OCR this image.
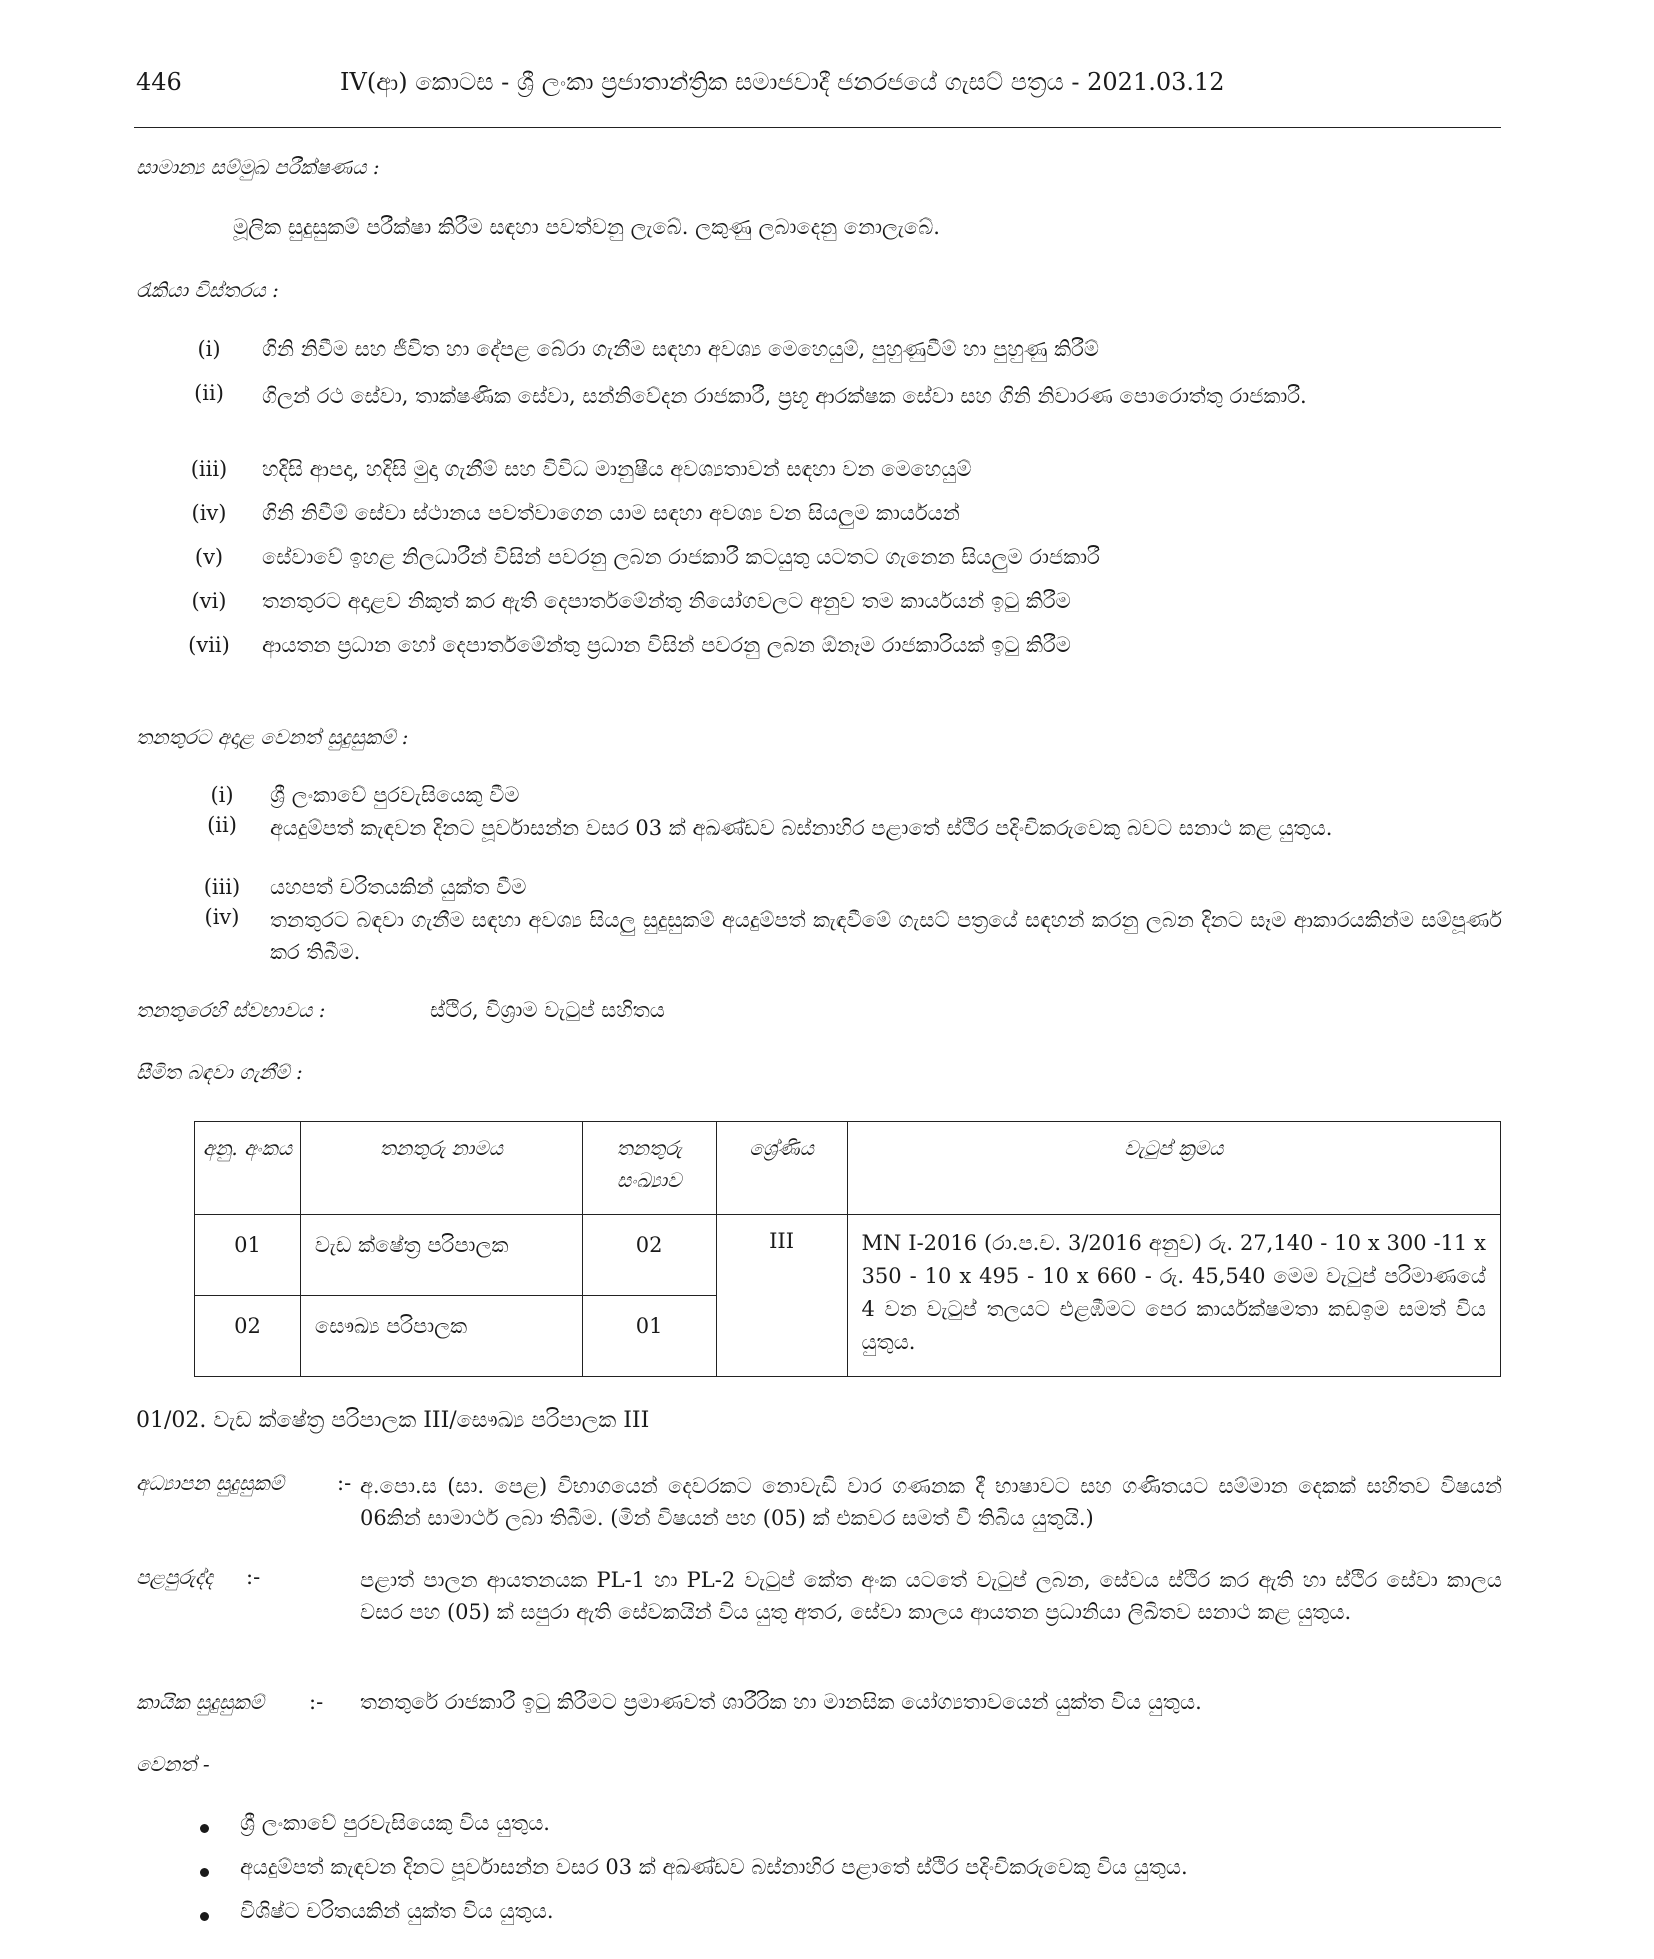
446	IV(ආ) කොටස - ශ්‍රී ලංකා ප්‍රජාතාන්ත්‍රික සමාජවාදී ජනරජයේ ගැසට් පත්‍රය - 2021.03.12
සාමාන්‍ය සම්මුඛ පරීක්ෂණය :
මූලික සුදුසුකම් පරීක්ෂා කිරීම සඳහා පවත්වනු ලැබේ. ලකුණු ලබාදෙනු නොලැබේ.
රැකියා විස්තරය :
(i)	ගිනි නිවීම සහ ජීවිත හා දේපළ බේරා ගැනීම සඳහා අවශ්‍ය මෙහෙයුම්, පුහුණුවීම් හා පුහුණු කිරීම්
(ii)	ගිලන් රථ සේවා, තාක්ෂණික සේවා, සන්නිවේදන රාජකාරී, ප්‍රභූ ආරක්ෂක සේවා සහ ගිනි නිවාරණ පොරොත්තු රාජකාරී.
(iii)	හදිසි ආපදා, හදිසි මුදා ගැනීම් සහ විවිධ මානුෂීය අවශ්‍යතාවන් සඳහා වන මෙහෙයුම්
(iv)	ගිනි නිවීම් සේවා ස්ථානය පවත්වාගෙන යාම සඳහා අවශ්‍ය වන සියලුම කාර්යයන්
(v)	සේවාවේ ඉහළ නිලධාරීන් විසින් පවරනු ලබන රාජකාරී කටයුතු යටතට ගැනෙන සියලුම රාජකාරී
(vi)	තනතුරට අදාළව නිකුත් කර ඇති දෙපාර්තමේන්තු නියෝගවලට අනුව තම කාර්යයන් ඉටු කිරීම
(vii)	ආයතන ප්‍රධාන හෝ දෙපාර්තමේන්තු ප්‍රධාන විසින් පවරනු ලබන ඕනෑම රාජකාරියක් ඉටු කිරීම
තනතුරට අදාළ වෙනත් සුදුසුකම් :
(i)	ශ්‍රී ලංකාවේ පුරවැසියෙකු වීම
(ii)	අයදුම්පත් කැඳවන දිනට පූර්වාසන්න වසර 03 ක් අඛණ්ඩව බස්නාහිර පළාතේ ස්ථිර පදිංචිකරුවෙකු බවට සනාථ කළ යුතුය.
(iii)	යහපත් චරිතයකින් යුක්ත වීම
(iv)	තනතුරට බඳවා ගැනීම සඳහා අවශ්‍ය සියලු සුදුසුකම් අයදුම්පත් කැඳවීමේ ගැසට් පත්‍රයේ සඳහන් කරනු ලබන දිනට සෑම ආකාරයකින්ම සම්පූර්ණ කර තිබීම.
තනතුරෙහි ස්වභාවය :	ස්ථිර, විශ්‍රාම වැටුප් සහිතය
සීමිත බඳවා ගැනීම් :
අනු. අංකය	තනතුරු නාමය	තනතුරු සංඛ්‍යාව	ශ්‍රේණිය	වැටුප් ක්‍රමය
01	වැඩ ක්ෂේත්‍ර පරිපාලක	02	III	MN I-2016 (රා.ප.ච. 3/2016 අනුව) රු. 27,140 - 10 x 300 -11 x 350 - 10 x 495 - 10 x 660 - රු. 45,540 මෙම වැටුප් පරිමාණයේ 4 වන වැටුප් තලයට එළඹීමට පෙර කාර්යක්ෂමතා කඩඉම සමත් විය යුතුය.
02	සෞඛ්‍ය පරිපාලක	01		
01/02. වැඩ ක්ෂේත්‍ර පරිපාලක III/සෞඛ්‍ය පරිපාලක III
අධ්‍යාපන සුදුසුකම්	:- අ.පො.ස (සා. පෙළ) විභාගයෙන් දෙවරකට නොවැඩි වාර ගණනක දී භාෂාවට සහ ගණිතයට සම්මාන දෙකක් සහිතව විෂයන් 06කින් සාමාර්ථ ලබා තිබීම. (මින් විෂයන් පහ (05) ක් එකවර සමත් වී තිබිය යුතුයි.)
පළපුරුද්ද :-	පළාත් පාලන ආයතනයක PL-1 හා PL-2 වැටුප් කේත අංක යටතේ වැටුප් ලබන, සේවය ස්ථිර කර ඇති හා ස්ථිර සේවා කාලය වසර පහ (05) ක් සපුරා ඇති සේවකයින් විය යුතු අතර, සේවා කාලය ආයතන ප්‍රධානියා ලිඛිතව සනාථ කළ යුතුය.
කායික සුදුසුකම් :- තනතුරේ රාජකාරී ඉටු කිරීමට ප්‍රමාණවත් ශාරීරික හා මානසික යෝග්‍යතාවයෙන් යුක්ත විය යුතුය.
වෙනත් -
ශ්‍රී ලංකාවේ පුරවැසියෙකු විය යුතුය.
අයදුම්පත් කැඳවන දිනට පූර්වාසන්න වසර 03 ක් අඛණ්ඩව බස්නාහිර පළාතේ ස්ථිර පදිංචිකරුවෙකු විය යුතුය.
විශිෂ්ට චරිතයකින් යුක්ත විය යුතුය.
